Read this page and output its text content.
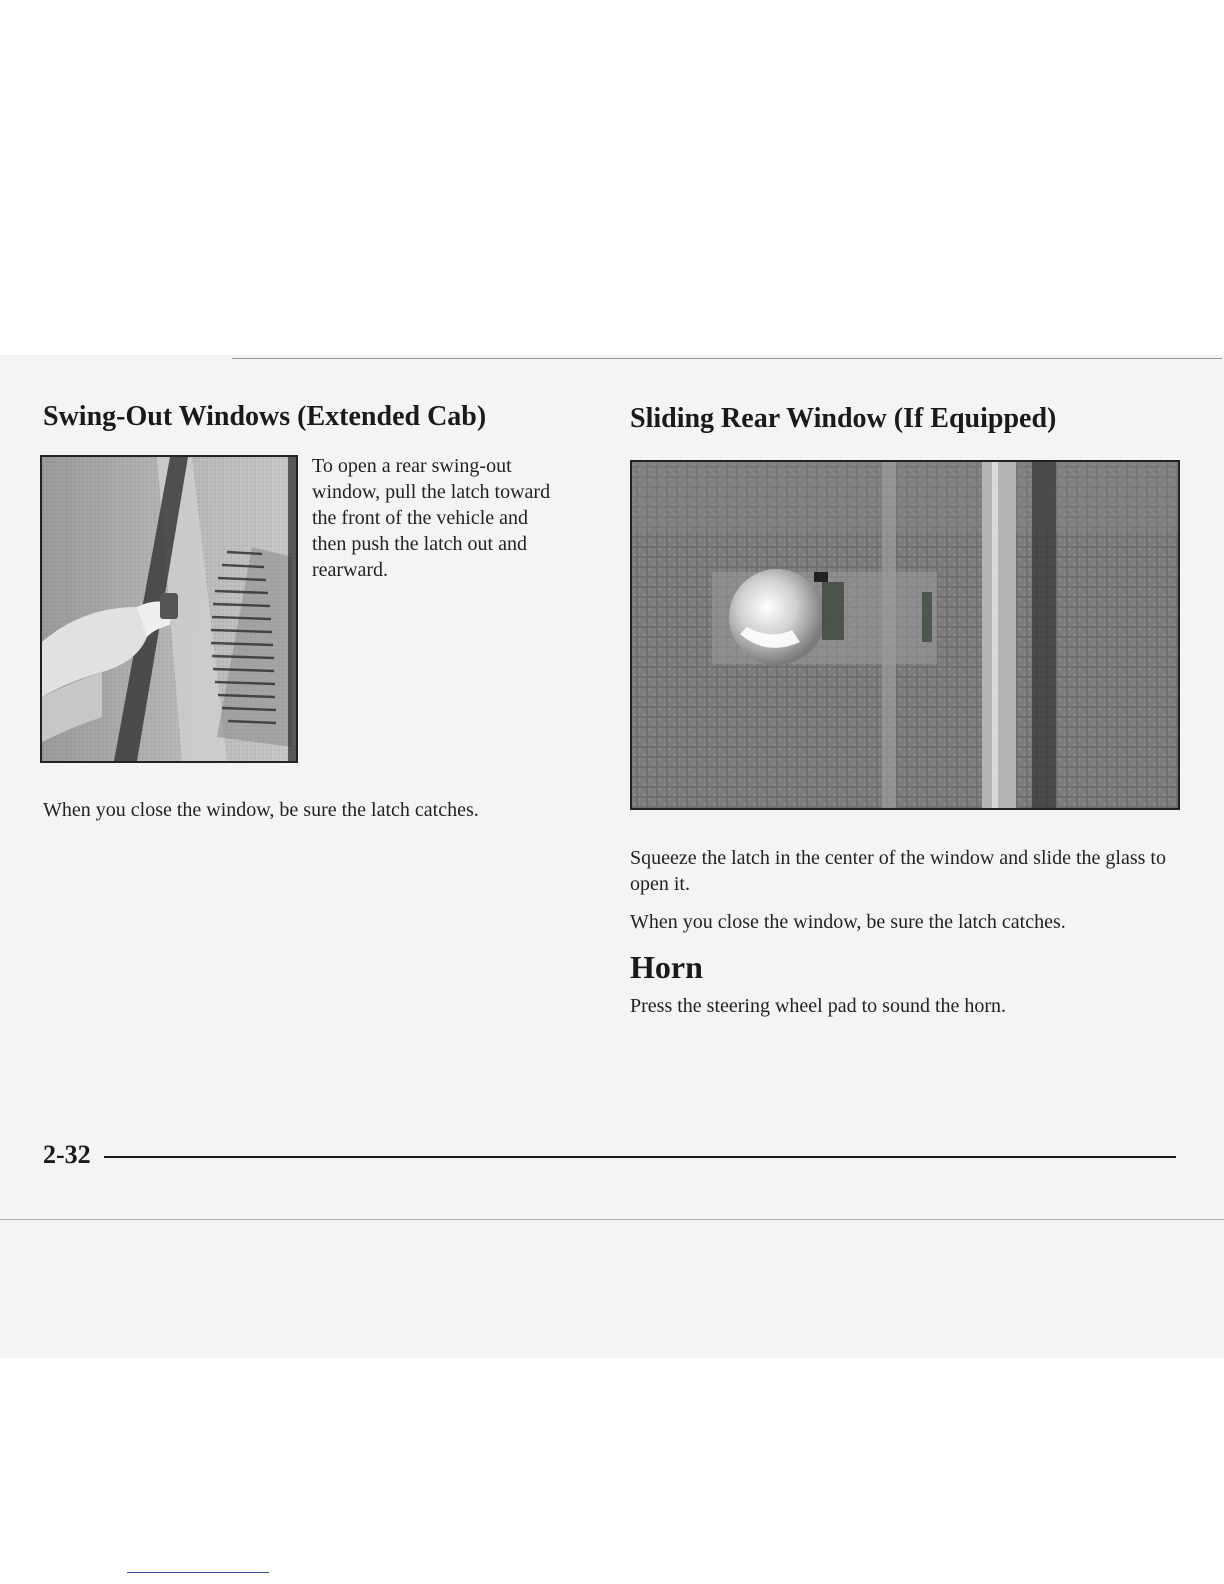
Swing-Out Windows (Extended Cab)

To open a rear swing-out window, pull the latch toward the front of the vehicle and then push the latch out and rearward.

When you close the window, be sure the latch catches.

Sliding Rear Window (If Equipped)

Squeeze the latch in the center of the window and slide the glass to open it.

When you close the window, be sure the latch catches.

Horn

Press the steering wheel pad to sound the horn.

2-32
